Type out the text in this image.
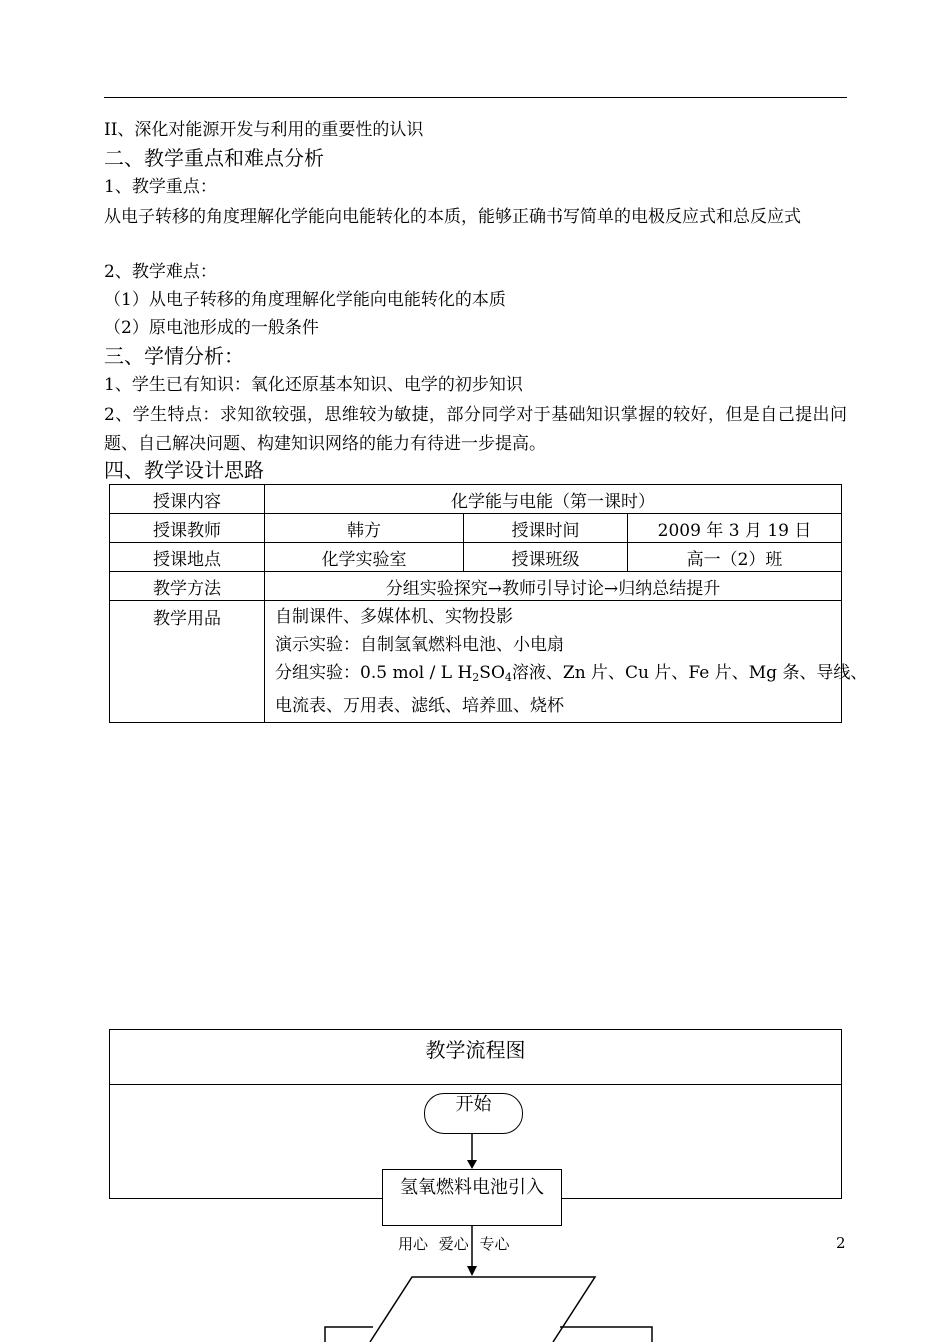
II、深化对能源开发与利用的重要性的认识
二、教学重点和难点分析
1、教学重点：
从电子转移的角度理解化学能向电能转化的本质，能够正确书写简单的电极反应式和总反应式
2、教学难点：
（1）从电子转移的角度理解化学能向电能转化的本质
（2）原电池形成的一般条件
三、学情分析：
1、学生已有知识：氧化还原基本知识、电学的初步知识
2、学生特点：求知欲较强，思维较为敏捷，部分同学对于基础知识掌握的较好，但是自己提出问题、自己解决问题、构建知识网络的能力有待进一步提高。
四、教学设计思路
授课内容	化学能与电能（第一课时）		
授课教师	韩方	授课时间	2009 年 3 月 19 日
授课地点	化学实验室	授课班级	高一（2）班
教学方法	分组实验探究→教师引导讨论→归纳总结提升		
教学用品	自制课件、多媒体机、实物投影
演示实验：自制氢氧燃料电池、小电扇
分组实验：0.5 mol / L $H_2SO_4$溶液、Zn 片、Cu 片、Fe 片、Mg 条、导线、
电流表、万用表、滤纸、培养皿、烧杯		
教学流程图
开始
氢氧燃料电池引入
用心 爱心 专心	2
